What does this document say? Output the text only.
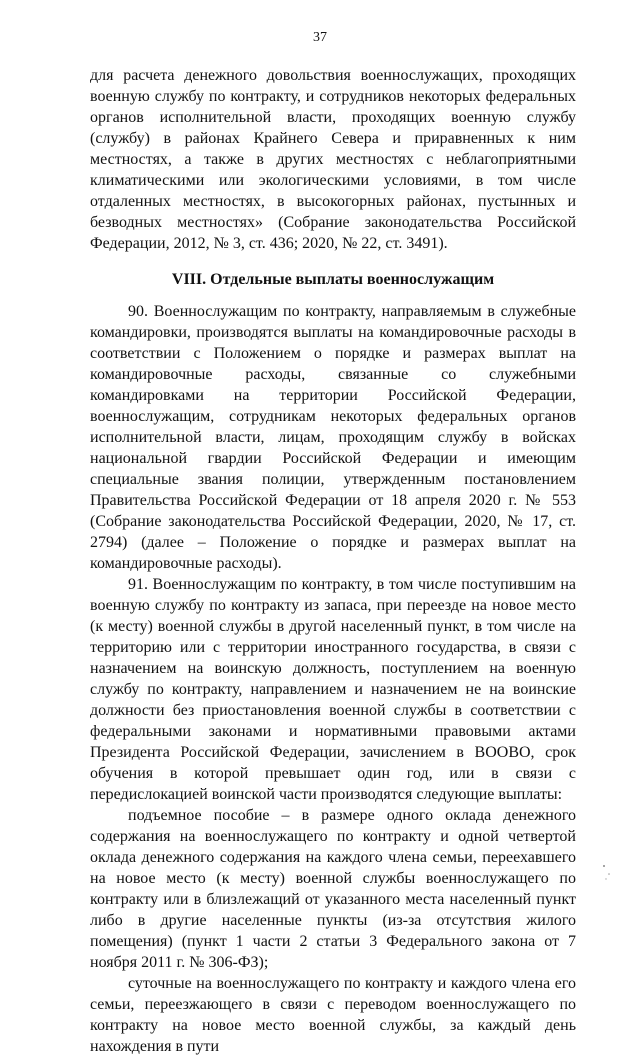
37

для расчета денежного довольствия военнослужащих, проходящих военную службу по контракту, и сотрудников некоторых федеральных органов исполнительной власти, проходящих военную службу (службу) в районах Крайнего Севера и приравненных к ним местностях, а также в других местностях с неблагоприятными климатическими или экологическими условиями, в том числе отдаленных местностях, в высокогорных районах, пустынных и безводных местностях» (Собрание законодательства Российской Федерации, 2012, № 3, ст. 436; 2020, № 22, ст. 3491).

VIII. Отдельные выплаты военнослужащим

90. Военнослужащим по контракту, направляемым в служебные командировки, производятся выплаты на командировочные расходы в соответствии с Положением о порядке и размерах выплат на командировочные расходы, связанные со служебными командировками на территории Российской Федерации, военнослужащим, сотрудникам некоторых федеральных органов исполнительной власти, лицам, проходящим службу в войсках национальной гвардии Российской Федерации и имеющим специальные звания полиции, утвержденным постановлением Правительства Российской Федерации от 18 апреля 2020 г. № 553 (Собрание законодательства Российской Федерации, 2020, № 17, ст. 2794) (далее – Положение о порядке и размерах выплат на командировочные расходы).

91. Военнослужащим по контракту, в том числе поступившим на военную службу по контракту из запаса, при переезде на новое место (к месту) военной службы в другой населенный пункт, в том числе на территорию или с территории иностранного государства, в связи с назначением на воинскую должность, поступлением на военную службу по контракту, направлением и назначением не на воинские должности без приостановления военной службы в соответствии с федеральными законами и нормативными правовыми актами Президента Российской Федерации, зачислением в ВООВО, срок обучения в которой превышает один год, или в связи с передислокацией воинской части производятся следующие выплаты:

подъемное пособие – в размере одного оклада денежного содержания на военнослужащего по контракту и одной четвертой оклада денежного содержания на каждого члена семьи, переехавшего на новое место (к месту) военной службы военнослужащего по контракту или в близлежащий от указанного места населенный пункт либо в другие населенные пункты (из-за отсутствия жилого помещения) (пункт 1 части 2 статьи 3 Федерального закона от 7 ноября 2011 г. № 306-ФЗ);

суточные на военнослужащего по контракту и каждого члена его семьи, переезжающего в связи с переводом военнослужащего по контракту на новое место военной службы, за каждый день нахождения в пути
